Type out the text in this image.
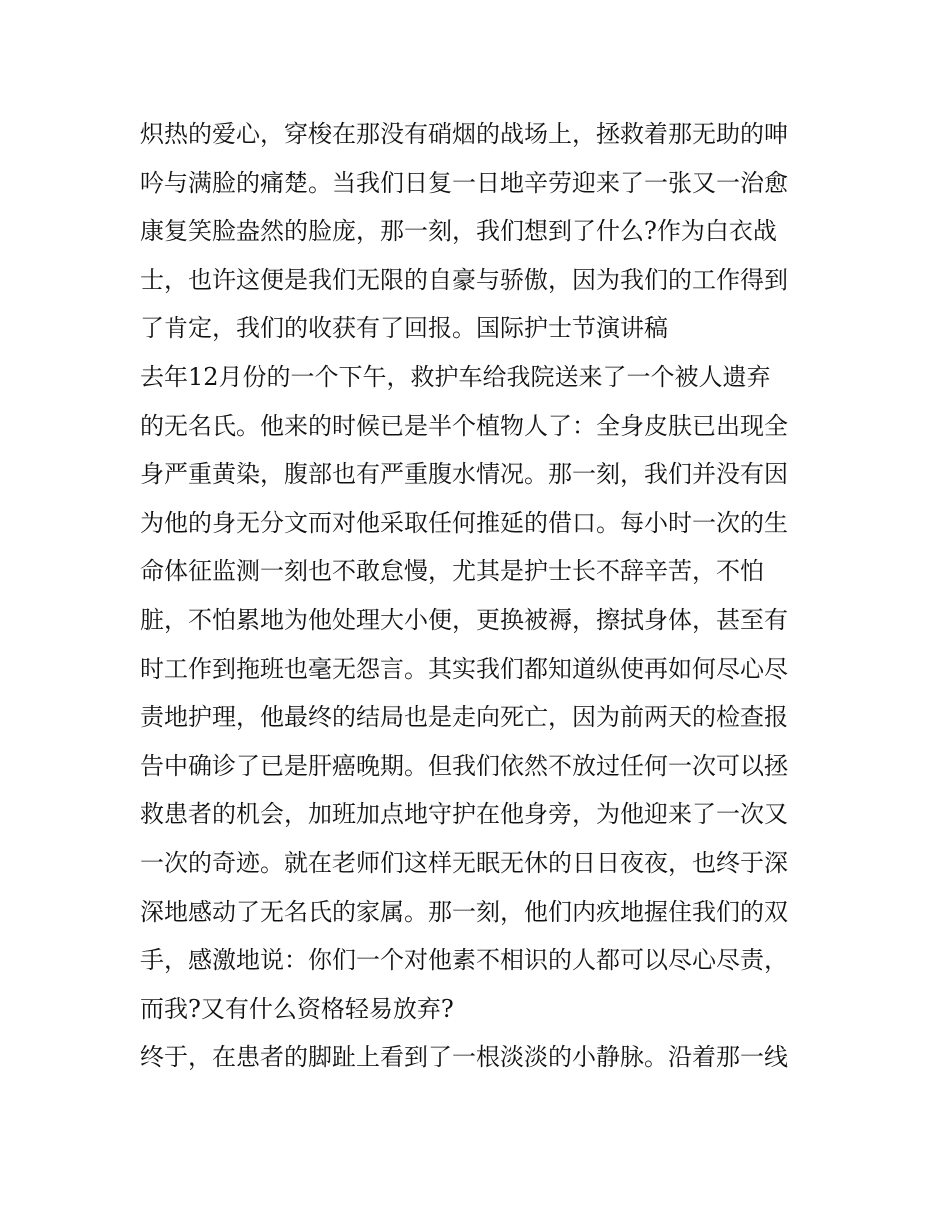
炽热的爱心，穿梭在那没有硝烟的战场上，拯救着那无助的呻
吟与满脸的痛楚。当我们日复一日地辛劳迎来了一张又一治愈
康复笑脸盎然的脸庞，那一刻，我们想到了什么?作为白衣战
士，也许这便是我们无限的自豪与骄傲，因为我们的工作得到
了肯定，我们的收获有了回报。国际护士节演讲稿
去年12月份的一个下午，救护车给我院送来了一个被人遗弃
的无名氏。他来的时候已是半个植物人了：全身皮肤已出现全
身严重黄染，腹部也有严重腹水情况。那一刻，我们并没有因
为他的身无分文而对他采取任何推延的借口。每小时一次的生
命体征监测一刻也不敢怠慢，尤其是护士长不辞辛苦，不怕
脏，不怕累地为他处理大小便，更换被褥，擦拭身体，甚至有
时工作到拖班也毫无怨言。其实我们都知道纵使再如何尽心尽
责地护理，他最终的结局也是走向死亡，因为前两天的检查报
告中确诊了已是肝癌晚期。但我们依然不放过任何一次可以拯
救患者的机会，加班加点地守护在他身旁，为他迎来了一次又
一次的奇迹。就在老师们这样无眠无休的日日夜夜，也终于深
深地感动了无名氏的家属。那一刻，他们内疚地握住我们的双
手，感激地说：你们一个对他素不相识的人都可以尽心尽责，
而我?又有什么资格轻易放弃?
终于，在患者的脚趾上看到了一根淡淡的小静脉。沿着那一线
